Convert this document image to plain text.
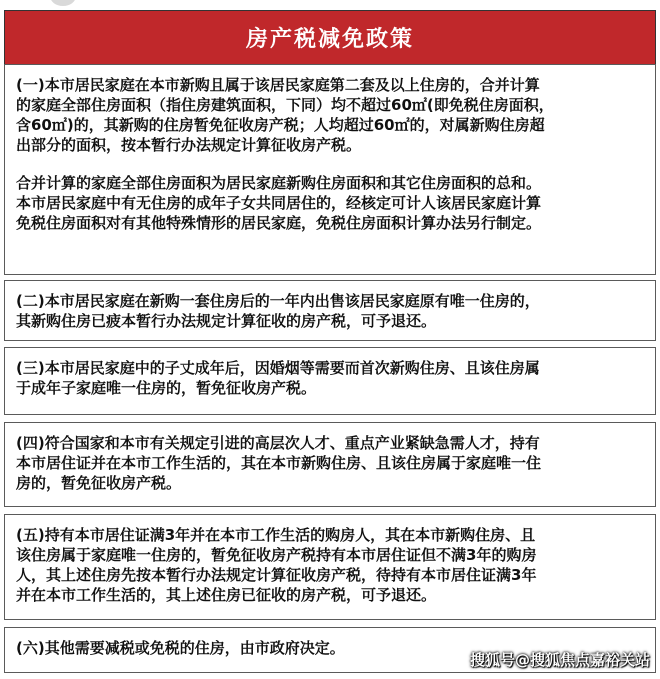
房产税减免政策

(一)本市居民家庭在本市新购且属于该居民家庭第二套及以上住房的，合并计算

的家庭全部住房面积（指住房建筑面积，下同）均不超过60㎡(即免税住房面积，

含60㎡)的，其新购的住房暂免征收房产税；人均超过60㎡的，对属新购住房超

出部分的面积，按本暂行办法规定计算征收房产税。

合并计算的家庭全部住房面积为居民家庭新购住房面积和其它住房面积的总和。

本市居民家庭中有无住房的成年子女共同居住的，经核定可计人该居民家庭计算

免税住房面积对有其他特殊情形的居民家庭，免税住房面积计算办法另行制定。

(二)本市居民家庭在新购一套住房后的一年内出售该居民家庭原有唯一住房的，

其新购住房已疲本暂行办法规定计算征收的房产税，可予退还。

(三)本市居民家庭中的子丈成年后，因婚烟等需要而首次新购住房、且该住房属

于成年子家庭唯一住房的，暂免征收房产税。

(四)符合国家和本市有关规定引进的高层次人才、重点产业紧缺急需人才，持有

本市居住证并在本市工作生活的，其在本市新购住房、且该住房属于家庭唯一住

房的，暂免征收房产税。

(五)持有本市居住证满3年并在本市工作生活的购房人，其在本市新购住房、且

该住房属于家庭唯一住房的，暂免征收房产税持有本市居住证但不满3年的购房

人，其上述住房先按本暂行办法规定计算征收房产税，待持有本市居住证满3年

并在本市工作生活的，其上述住房已征收的房产税，可予退还。

(六)其他需要减税或免税的住房，由市政府决定。

搜狐号@搜狐焦点嘉裕关站
